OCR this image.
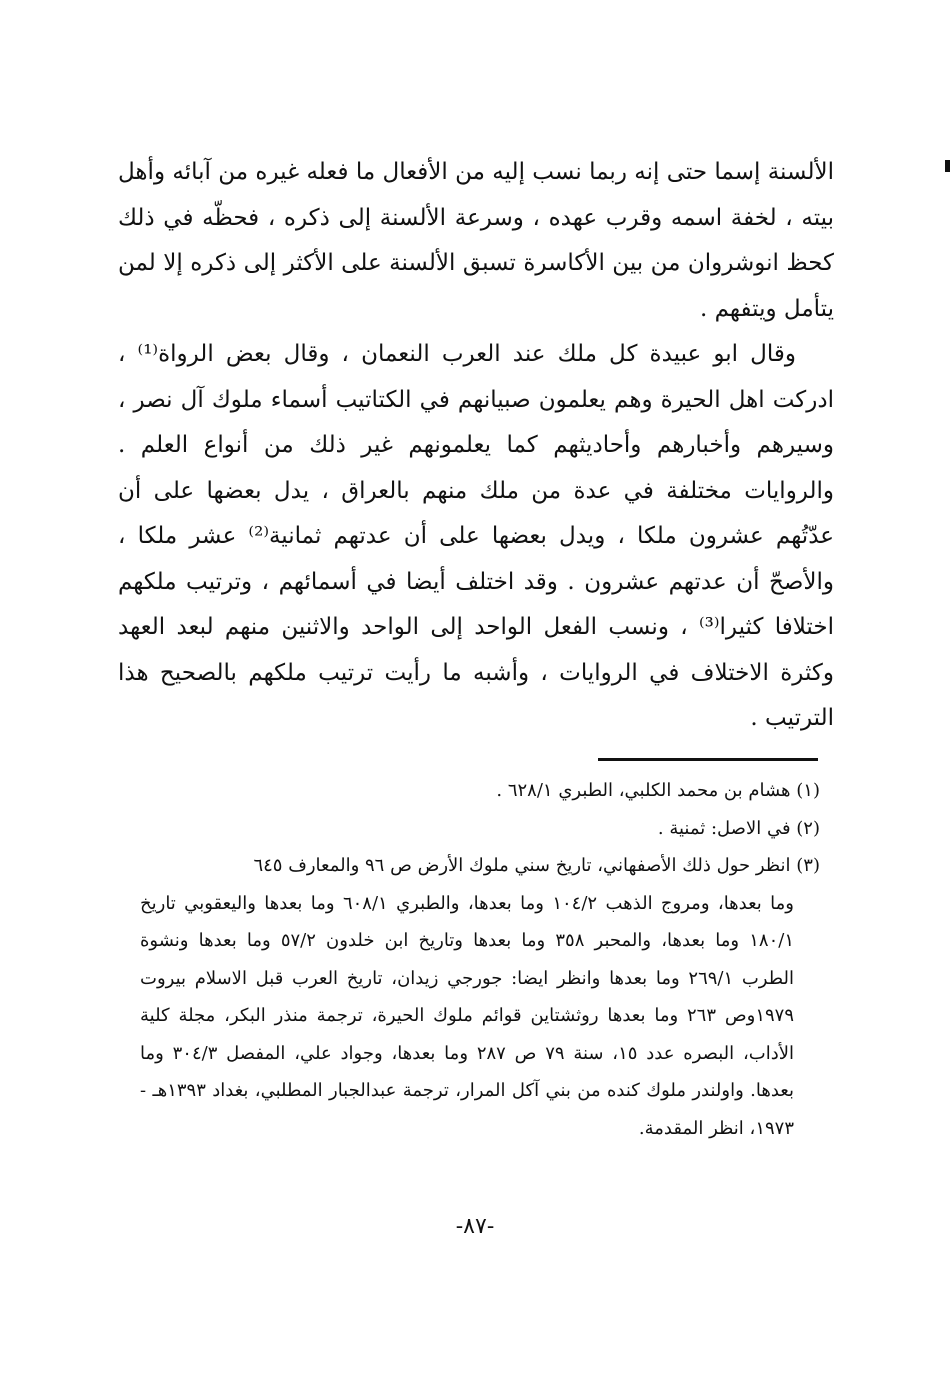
الألسنة إسما حتى إنه ربما نسب إليه من الأفعال ما فعله غيره من آبائه وأهل بيته ، لخفة اسمه وقرب عهده ، وسرعة الألسنة إلى ذكره ، فحظّه في ذلك كحظ انوشروان من بين الأكاسرة تسبق الألسنة على الأكثر إلى ذكره إلا لمن يتأمل ويتفهم .

وقال ابو عبيدة كل ملك عند العرب النعمان ، وقال بعض الرواة⁽¹⁾ ، ادركت اهل الحيرة وهم يعلمون صبيانهم في الكتاتيب أسماء ملوك آل نصر ، وسيرهم وأخبارهم وأحاديثهم كما يعلمونهم غير ذلك من أنواع العلم . والروايات مختلفة في عدة من ملك منهم بالعراق ، يدل بعضها على أن عدّتُهم عشرون ملكا ، ويدل بعضها على أن عدتهم ثمانية⁽²⁾ عشر ملكا ، والأصحّ أن عدتهم عشرون . وقد اختلف أيضا في أسمائهم ، وترتيب ملكهم اختلافا كثيرا⁽³⁾ ، ونسب الفعل الواحد إلى الواحد والاثنين منهم لبعد العهد وكثرة الاختلاف في الروايات ، وأشبه ما رأيت ترتيب ملكهم بالصحيح هذا الترتيب .

(١) هشام بن محمد الكلبي، الطبري ٦٢٨/١ .

(٢) في الاصل: ثمنية .

(٣) انظر حول ذلك الأصفهاني، تاريخ سني ملوك الأرض ص ٩٦ والمعارف ٦٤٥

وما بعدها، ومروج الذهب ١٠٤/٢ وما بعدها، والطبري ٦٠٨/١ وما بعدها واليعقوبي تاريخ ١٨٠/١ وما بعدها، والمحبر ٣٥٨ وما بعدها وتاريخ ابن خلدون ٥٧/٢ وما بعدها ونشوة الطرب ٢٦٩/١ وما بعدها وانظر ايضا: جورجي زيدان، تاريخ العرب قبل الاسلام بيروت ١٩٧٩وص ٢٦٣ وما بعدها روثشتاين قوائم ملوك الحيرة، ترجمة منذر البكر، مجلة كلية الأداب، البصره عدد ١٥، سنة ٧٩ ص ٢٨٧ وما بعدها، وجواد علي، المفصل ٣٠٤/٣ وما بعدها. واولندر ملوك كنده من بني آكل المرار، ترجمة عبدالجبار المطلبي، بغداد ١٣٩٣هـ - ١٩٧٣، انظر المقدمة.

-٨٧-
